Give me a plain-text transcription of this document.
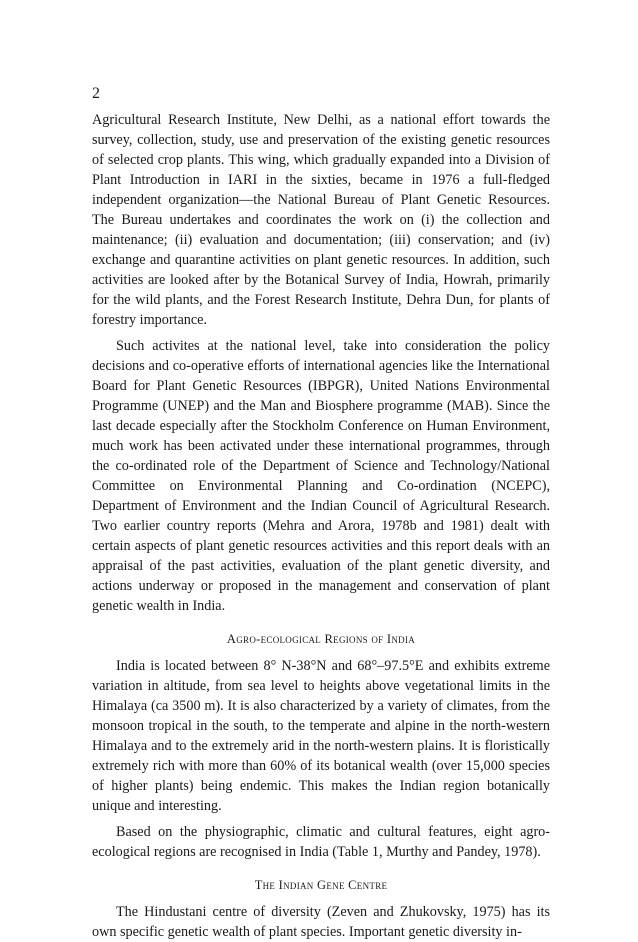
2

Agricultural Research Institute, New Delhi, as a national effort towards the survey, collection, study, use and preservation of the existing genetic resources of selected crop plants. This wing, which gradually expanded into a Division of Plant Introduction in IARI in the sixties, became in 1976 a full-fledged independent organization—the National Bureau of Plant Genetic Resources. The Bureau undertakes and coordinates the work on (i) the collection and maintenance; (ii) evaluation and documentation; (iii) conservation; and (iv) exchange and quarantine activities on plant genetic resources. In addition, such activities are looked after by the Botanical Survey of India, Howrah, primarily for the wild plants, and the Forest Research Institute, Dehra Dun, for plants of forestry importance.

Such activites at the national level, take into consideration the policy decisions and co-operative efforts of international agencies like the International Board for Plant Genetic Resources (IBPGR), United Nations Environmental Programme (UNEP) and the Man and Biosphere programme (MAB). Since the last decade especially after the Stockholm Conference on Human Environment, much work has been activated under these international programmes, through the co-ordinated role of the Department of Science and Technology/National Committee on Environmental Planning and Co-ordination (NCEPC), Department of Environment and the Indian Council of Agricultural Research. Two earlier country reports (Mehra and Arora, 1978b and 1981) dealt with certain aspects of plant genetic resources activities and this report deals with an appraisal of the past activities, evaluation of the plant genetic diversity, and actions underway or proposed in the management and conservation of plant genetic wealth in India.

Agro-ecological Regions of India

India is located between 8° N-38°N and 68°–97.5°E and exhibits extreme variation in altitude, from sea level to heights above vegetational limits in the Himalaya (ca 3500 m). It is also characterized by a variety of climates, from the monsoon tropical in the south, to the temperate and alpine in the north-western Himalaya and to the extremely arid in the north-western plains. It is floristically extremely rich with more than 60% of its botanical wealth (over 15,000 species of higher plants) being endemic. This makes the Indian region botanically unique and interesting.

Based on the physiographic, climatic and cultural features, eight agro-ecological regions are recognised in India (Table 1, Murthy and Pandey, 1978).

The Indian Gene Centre

The Hindustani centre of diversity (Zeven and Zhukovsky, 1975) has its own specific genetic wealth of plant species. Important genetic diversity in-
